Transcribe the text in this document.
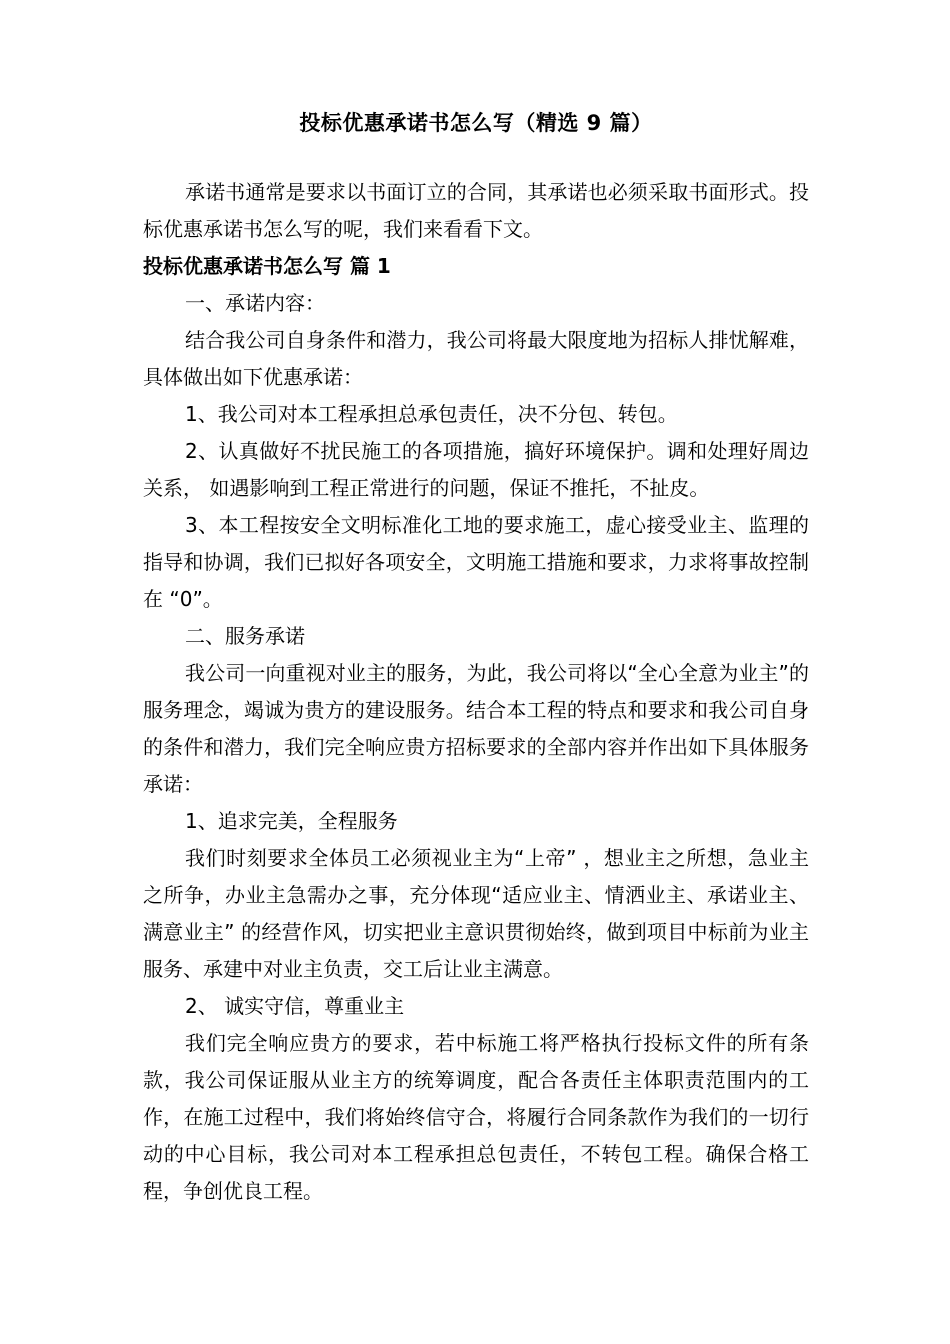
投标优惠承诺书怎么写（精选 9 篇）

承诺书通常是要求以书面订立的合同，其承诺也必须采取书面形式。投标优惠承诺书怎么写的呢，我们来看看下文。

投标优惠承诺书怎么写 篇 1

一、承诺内容：

结合我公司自身条件和潜力，我公司将最大限度地为招标人排忧解难，具体做出如下优惠承诺：

1、我公司对本工程承担总承包责任，决不分包、转包。

2、认真做好不扰民施工的各项措施，搞好环境保护。调和处理好周边关系， 如遇影响到工程正常进行的问题，保证不推托，不扯皮。

3、本工程按安全文明标准化工地的要求施工，虚心接受业主、监理的指导和协调，我们已拟好各项安全，文明施工措施和要求，力求将事故控制在 “0”。

二、服务承诺

我公司一向重视对业主的服务，为此，我公司将以“全心全意为业主”的服务理念，竭诚为贵方的建设服务。结合本工程的特点和要求和我公司自身的条件和潜力，我们完全响应贵方招标要求的全部内容并作出如下具体服务承诺：

1、追求完美，全程服务

我们时刻要求全体员工必须视业主为“上帝” ，想业主之所想，急业主之所争，办业主急需办之事，充分体现“适应业主、情洒业主、承诺业主、满意业主” 的经营作风，切实把业主意识贯彻始终，做到项目中标前为业主服务、承建中对业主负责，交工后让业主满意。

2、 诚实守信，尊重业主

我们完全响应贵方的要求，若中标施工将严格执行投标文件的所有条款，我公司保证服从业主方的统筹调度，配合各责任主体职责范围内的工作，在施工过程中，我们将始终信守合，将履行合同条款作为我们的一切行动的中心目标，我公司对本工程承担总包责任，不转包工程。确保合格工程，争创优良工程。
